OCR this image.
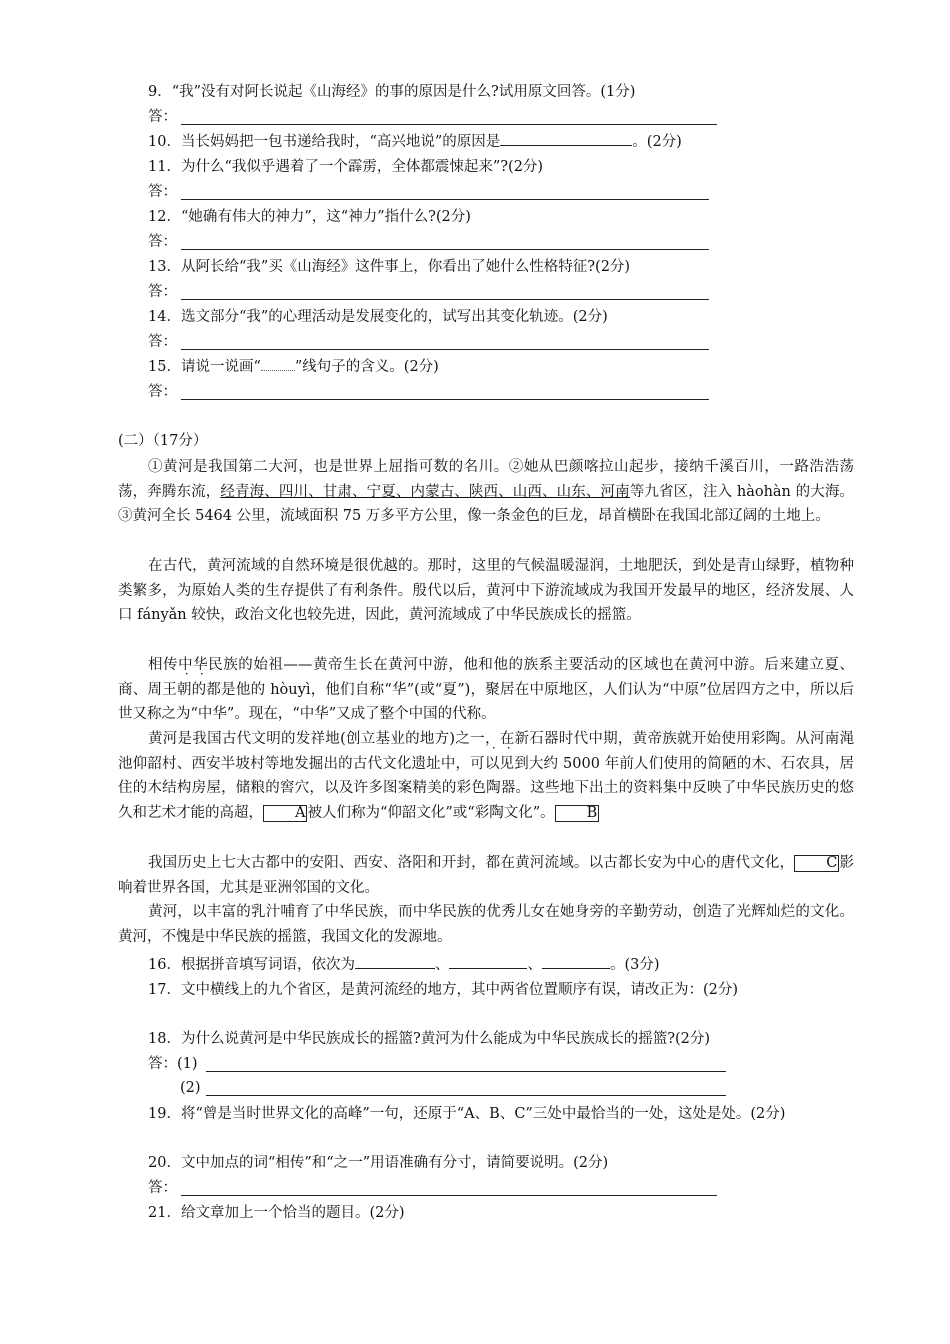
9．“我”没有对阿长说起《山海经》的事的原因是什么?试用原文回答。(1分)

答：

10．当长妈妈把一包书递给我时，“高兴地说”的原因是	。(2分)

11．为什么“我似乎遇着了一个霹雳，全体都震悚起来”?(2分)

答：

12．“她确有伟大的神力”，这“神力”指什么?(2分)

答：

13．从阿长给“我”买《山海经》这件事上，你看出了她什么性格特征?(2分)

答：

14．选文部分“我”的心理活动是发展变化的，试写出其变化轨迹。(2分)

答：

15．请说一说画“ ”线句子的含义。(2分)

答：

(二）（17分）

①黄河是我国第二大河，也是世界上屈指可数的名川。②她从巴颜喀拉山起步，接纳千溪百川，一路浩浩荡荡，奔腾东流，经青海、四川、甘肃、宁夏、内蒙古、陕西、山西、山东、河南等九省区，注入 hàohàn 的大海。③黄河全长 5464 公里，流域面积 75 万多平方公里，像一条金色的巨龙，昂首横卧在我国北部辽阔的土地上。

在古代，黄河流域的自然环境是很优越的。那时，这里的气候温暖湿润，土地肥沃，到处是青山绿野，植物种类繁多，为原始人类的生存提供了有利条件。殷代以后，黄河中下游流域成为我国开发最早的地区，经济发展、人口 fányǎn 较快，政治文化也较先进，因此，黄河流域成了中华民族成长的摇篮。

相 ·传 ·中华民族的始祖——黄帝生长在黄河中游，他和他的族系主要活动的区域也在黄河中游。后来建立夏、商、周王朝的都是他的 hòuyì，他们自称“华”(或“夏”)，聚居在中原地区，人们认为“中原”位居四方之中，所以后世又称之为“中华”。现在，“中华”又成了整个中国的代称。

黄河是我国古代文明的发祥地(创立基业的地方)之 ·一 ·，在新石器时代中期，黄帝族就开始使用彩陶。从河南渑池仰韶村、西安半坡村等地发掘出的古代文化遗址中，可以见到大约 5000 年前人们使用的简陋的木、石农具，居住的木结构房屋，储粮的窖穴，以及许多图案精美的彩色陶器。这些地下出土的资料集中反映了中华民族历史的悠久和艺术才能的高超， A 被人们称为“仰韶文化”或“彩陶文化”。 B

我国历史上七大古都中的安阳、西安、洛阳和开封，都在黄河流域。以古都长安为中心的唐代文化， C 影响着世界各国，尤其是亚洲邻国的文化。

黄河，以丰富的乳汁哺育了中华民族，而中华民族的优秀儿女在她身旁的辛勤劳动，创造了光辉灿烂的文化。黄河，不愧是中华民族的摇篮，我国文化的发源地。

16．根据拼音填写词语，依次为	、	、	。(3分)

17．文中横线上的九个省区，是黄河流经的地方，其中两省位置顺序有误，请改正为：(2分)

18．为什么说黄河是中华民族成长的摇篮?黄河为什么能成为中华民族成长的摇篮?(2分)

答：(1)

(2)

19．将“曾是当时世界文化的高峰”一句，还原于“A、B、C”三处中最恰当的一处，这处是处。(2分)

20．文中加点的词“相传”和“之一”用语准确有分寸，请简要说明。(2分)

答：

21．给文章加上一个恰当的题目。(2分)
